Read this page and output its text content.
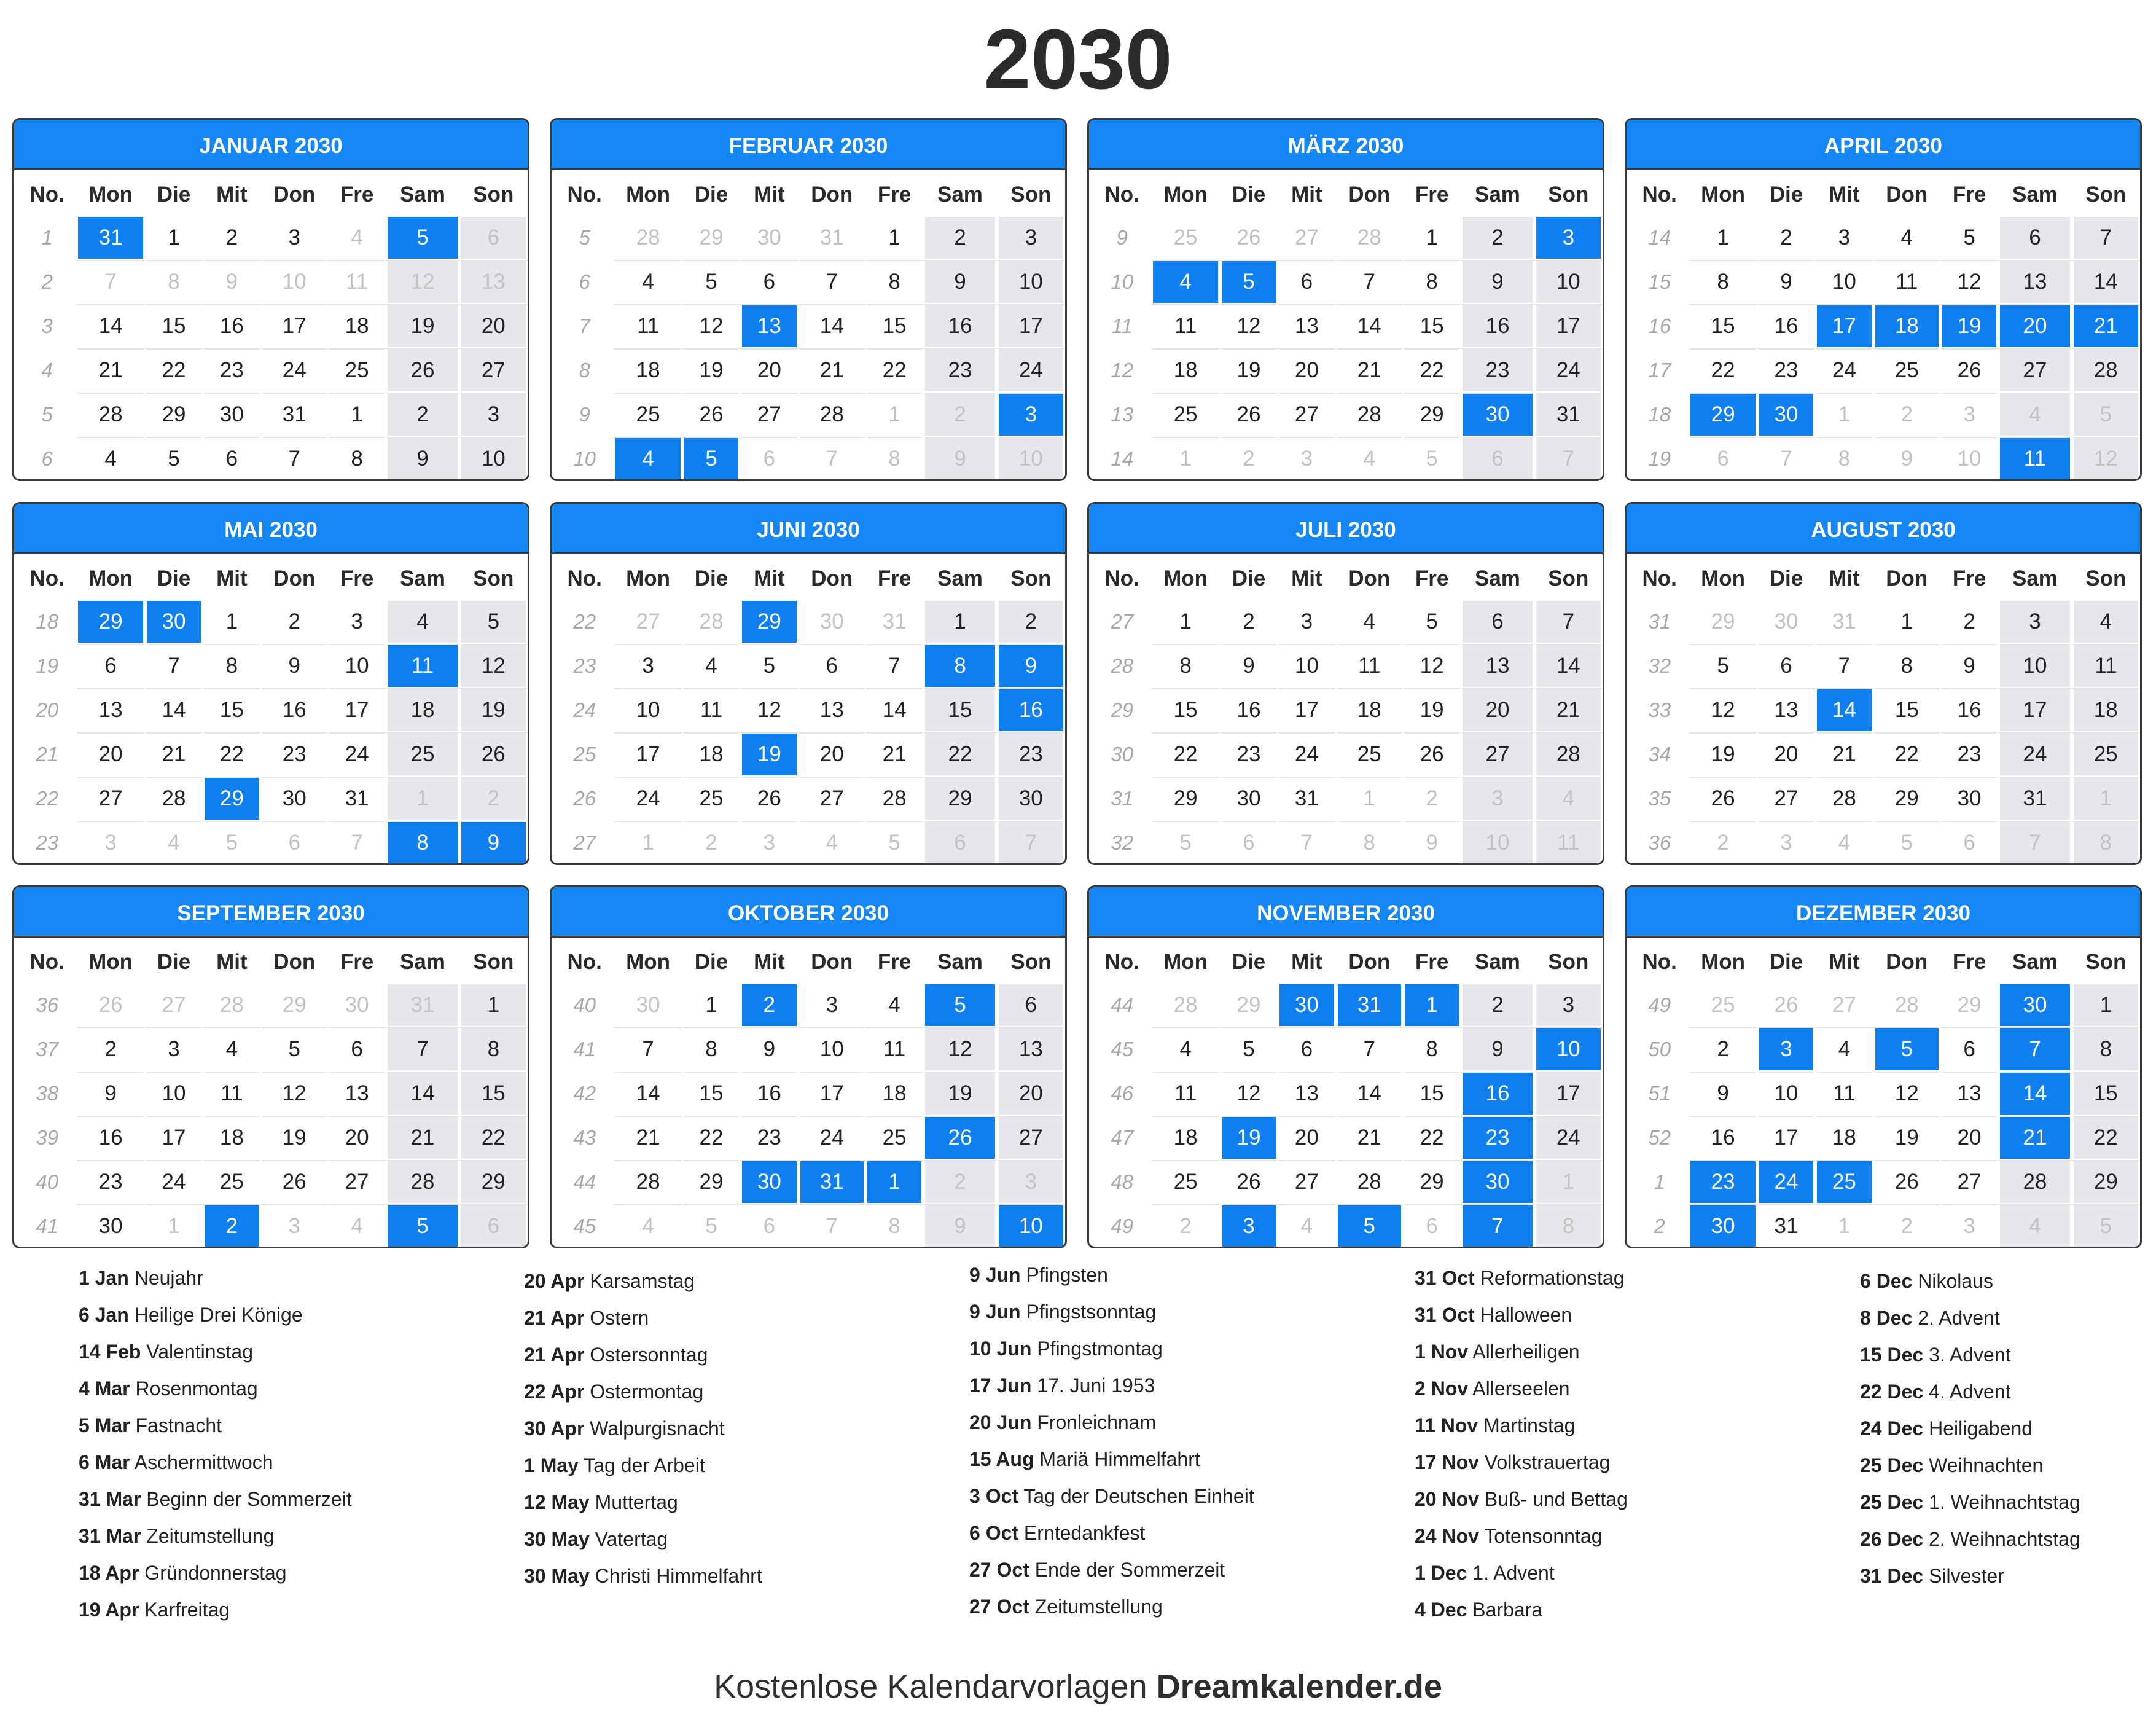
2030
JANUAR 2030
No.	Mon	Die	Mit	Don	Fre	Sam	Son
1	31	1	2	3	4	5	6
2	7	8	9	10	11	12	13
3	14	15	16	17	18	19	20
4	21	22	23	24	25	26	27
5	28	29	30	31	1	2	3
6	4	5	6	7	8	9	10
FEBRUAR 2030
No.	Mon	Die	Mit	Don	Fre	Sam	Son
5	28	29	30	31	1	2	3
6	4	5	6	7	8	9	10
7	11	12	13	14	15	16	17
8	18	19	20	21	22	23	24
9	25	26	27	28	1	2	3
10	4	5	6	7	8	9	10
MÄRZ 2030
No.	Mon	Die	Mit	Don	Fre	Sam	Son
9	25	26	27	28	1	2	3
10	4	5	6	7	8	9	10
11	11	12	13	14	15	16	17
12	18	19	20	21	22	23	24
13	25	26	27	28	29	30	31
14	1	2	3	4	5	6	7
APRIL 2030
No.	Mon	Die	Mit	Don	Fre	Sam	Son
14	1	2	3	4	5	6	7
15	8	9	10	11	12	13	14
16	15	16	17	18	19	20	21
17	22	23	24	25	26	27	28
18	29	30	1	2	3	4	5
19	6	7	8	9	10	11	12
MAI 2030
No.	Mon	Die	Mit	Don	Fre	Sam	Son
18	29	30	1	2	3	4	5
19	6	7	8	9	10	11	12
20	13	14	15	16	17	18	19
21	20	21	22	23	24	25	26
22	27	28	29	30	31	1	2
23	3	4	5	6	7	8	9
JUNI 2030
No.	Mon	Die	Mit	Don	Fre	Sam	Son
22	27	28	29	30	31	1	2
23	3	4	5	6	7	8	9
24	10	11	12	13	14	15	16
25	17	18	19	20	21	22	23
26	24	25	26	27	28	29	30
27	1	2	3	4	5	6	7
JULI 2030
No.	Mon	Die	Mit	Don	Fre	Sam	Son
27	1	2	3	4	5	6	7
28	8	9	10	11	12	13	14
29	15	16	17	18	19	20	21
30	22	23	24	25	26	27	28
31	29	30	31	1	2	3	4
32	5	6	7	8	9	10	11
AUGUST 2030
No.	Mon	Die	Mit	Don	Fre	Sam	Son
31	29	30	31	1	2	3	4
32	5	6	7	8	9	10	11
33	12	13	14	15	16	17	18
34	19	20	21	22	23	24	25
35	26	27	28	29	30	31	1
36	2	3	4	5	6	7	8
SEPTEMBER 2030
No.	Mon	Die	Mit	Don	Fre	Sam	Son
36	26	27	28	29	30	31	1
37	2	3	4	5	6	7	8
38	9	10	11	12	13	14	15
39	16	17	18	19	20	21	22
40	23	24	25	26	27	28	29
41	30	1	2	3	4	5	6
OKTOBER 2030
No.	Mon	Die	Mit	Don	Fre	Sam	Son
40	30	1	2	3	4	5	6
41	7	8	9	10	11	12	13
42	14	15	16	17	18	19	20
43	21	22	23	24	25	26	27
44	28	29	30	31	1	2	3
45	4	5	6	7	8	9	10
NOVEMBER 2030
No.	Mon	Die	Mit	Don	Fre	Sam	Son
44	28	29	30	31	1	2	3
45	4	5	6	7	8	9	10
46	11	12	13	14	15	16	17
47	18	19	20	21	22	23	24
48	25	26	27	28	29	30	1
49	2	3	4	5	6	7	8
DEZEMBER 2030
No.	Mon	Die	Mit	Don	Fre	Sam	Son
49	25	26	27	28	29	30	1
50	2	3	4	5	6	7	8
51	9	10	11	12	13	14	15
52	16	17	18	19	20	21	22
1	23	24	25	26	27	28	29
2	30	31	1	2	3	4	5
1 Jan Neujahr
6 Jan Heilige Drei Könige
14 Feb Valentinstag
4 Mar Rosenmontag
5 Mar Fastnacht
6 Mar Aschermittwoch
31 Mar Beginn der Sommerzeit
31 Mar Zeitumstellung
18 Apr Gründonnerstag
19 Apr Karfreitag
20 Apr Karsamstag
21 Apr Ostern
21 Apr Ostersonntag
22 Apr Ostermontag
30 Apr Walpurgisnacht
1 May Tag der Arbeit
12 May Muttertag
30 May Vatertag
30 May Christi Himmelfahrt
9 Jun Pfingsten
9 Jun Pfingstsonntag
10 Jun Pfingstmontag
17 Jun 17. Juni 1953
20 Jun Fronleichnam
15 Aug Mariä Himmelfahrt
3 Oct Tag der Deutschen Einheit
6 Oct Erntedankfest
27 Oct Ende der Sommerzeit
27 Oct Zeitumstellung
31 Oct Reformationstag
31 Oct Halloween
1 Nov Allerheiligen
2 Nov Allerseelen
11 Nov Martinstag
17 Nov Volkstrauertag
20 Nov Buß- und Bettag
24 Nov Totensonntag
1 Dec 1. Advent
4 Dec Barbara
6 Dec Nikolaus
8 Dec 2. Advent
15 Dec 3. Advent
22 Dec 4. Advent
24 Dec Heiligabend
25 Dec Weihnachten
25 Dec 1. Weihnachtstag
26 Dec 2. Weihnachtstag
31 Dec Silvester
Kostenlose Kalendarvorlagen Dreamkalender.de
